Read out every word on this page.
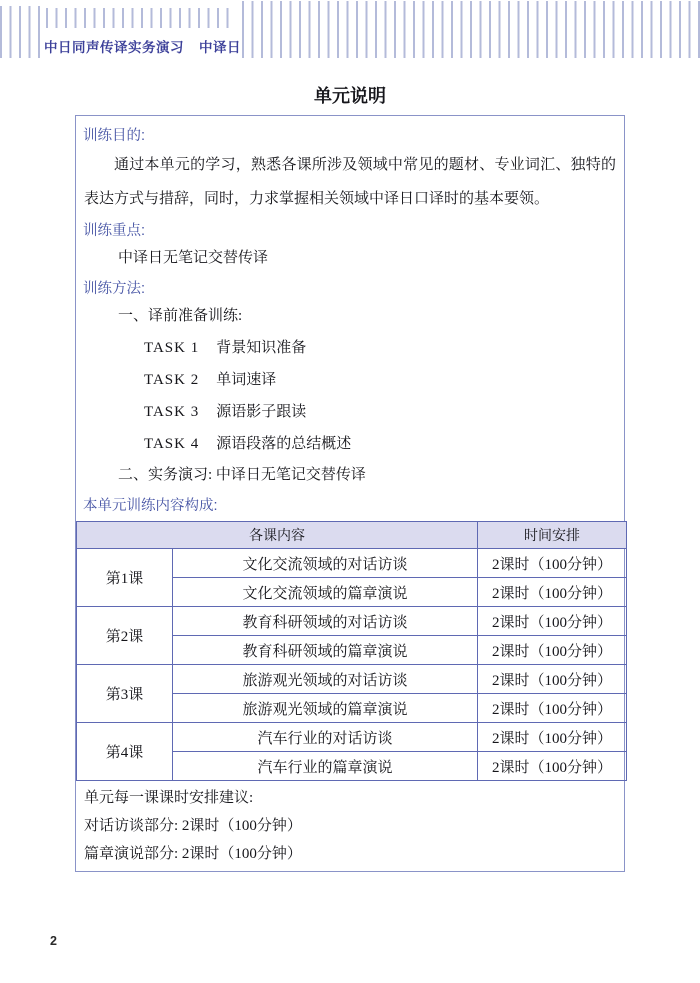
中日同声传译实务演习 中译日
单元说明
训练目的:

通过本单元的学习，熟悉各课所涉及领域中常见的题材、专业词汇、独特的表达方式与措辞，同时，力求掌握相关领域中译日口译时的基本要领。

训练重点:
中译日无笔记交替传译
训练方法:
一、译前准备训练:
TASK 1 背景知识准备
TASK 2 单词速译
TASK 3 源语影子跟读
TASK 4 源语段落的总结概述
二、实务演习: 中译日无笔记交替传译
本单元训练内容构成:
各课内容		时间安排
第1课	文化交流领域的对话访谈	2课时（100分钟）
	文化交流领域的篇章演说	2课时（100分钟）
第2课	教育科研领域的对话访谈	2课时（100分钟）
	教育科研领域的篇章演说	2课时（100分钟）
第3课	旅游观光领域的对话访谈	2课时（100分钟）
	旅游观光领域的篇章演说	2课时（100分钟）
第4课	汽车行业的对话访谈	2课时（100分钟）
	汽车行业的篇章演说	2课时（100分钟）
单元每一课课时安排建议:
对话访谈部分: 2课时（100分钟）
篇章演说部分: 2课时（100分钟）
2
